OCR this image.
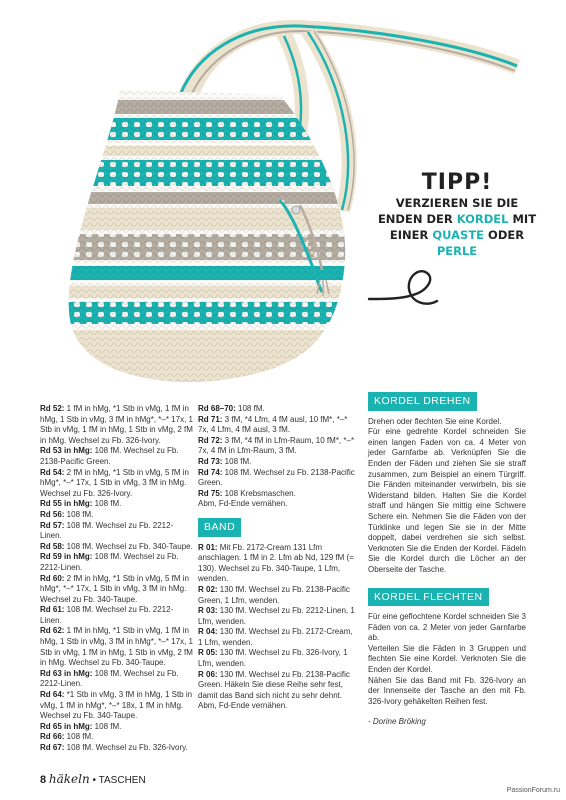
TIPP!
VERZIEREN SIE DIE
ENDEN DER KORDEL MIT
EINER QUASTE ODER
PERLE

Rd 52: 1 fM in hMg, *1 Stb in vMg, 1 fM in hMg, 1 Stb in vMg, 3 fM in hMg*, *–* 17x, 1 Stb in vMg, 1 fM in hMg, 1 Stb in vMg, 2 fM in hMg. Wechsel zu Fb. 326-Ivory.

Rd 53 in hMg: 108 fM. Wechsel zu Fb. 2138-Pacific Green.

Rd 54: 2 fM in hMg, *1 Stb in vMg, 5 fM in hMg*, *–* 17x, 1 Stb in vMg, 3 fM in hMg. Wechsel zu Fb. 326-Ivory.

Rd 55 in hMg: 108 fM.

Rd 56: 108 fM.

Rd 57: 108 fM. Wechsel zu Fb. 2212-Linen.

Rd 58: 108 fM. Wechsel zu Fb. 340-Taupe.

Rd 59 in hMg: 108 fM. Wechsel zu Fb. 2212-Linen.

Rd 60: 2 fM in hMg, *1 Stb in vMg, 5 fM in hMg*, *–* 17x, 1 Stb in vMg, 3 fM in hMg. Wechsel zu Fb. 340-Taupe.

Rd 61: 108 fM. Wechsel zu Fb. 2212-Linen.

Rd 62: 1 fM in hMg, *1 Stb in vMg, 1 fM in hMg, 1 Stb in vMg, 3 fM in hMg*, *–* 17x, 1 Stb in vMg, 1 fM in hMg, 1 Stb in vMg, 2 fM in hMg. Wechsel zu Fb. 340-Taupe.

Rd 63 in hMg: 108 fM. Wechsel zu Fb. 2212-Linen.

Rd 64: *1 Stb in vMg, 3 fM in hMg, 1 Stb in vMg, 1 fM in hMg*, *–* 18x, 1 fM in hMg. Wechsel zu Fb. 340-Taupe.

Rd 65 in hMg: 108 fM.

Rd 66: 108 fM.

Rd 67: 108 fM. Wechsel zu Fb. 326-Ivory.

Rd 68–70: 108 fM.

Rd 71: 3 fM, *4 Lfm, 4 fM ausl, 10 fM*, *–* 7x, 4 Lfm, 4 fM ausl, 3 fM.

Rd 72: 3 fM, *4 fM in Lfm-Raum, 10 fM*, *–* 7x, 4 fM in Lfm-Raum, 3 fM.

Rd 73: 108 fM.

Rd 74: 108 fM. Wechsel zu Fb. 2138-Pacific Green.

Rd 75: 108 Krebsmaschen.

Abm, Fd-Ende vernähen.

BAND

R 01: Mit Fb. 2172-Cream 131 Lfm anschlagen. 1 fM in 2. Lfm ab Nd, 129 fM (= 130). Wechsel zu Fb. 340-Taupe, 1 Lfm, wenden.

R 02: 130 fM. Wechsel zu Fb. 2138-Pacific Green, 1 Lfm, wenden.

R 03: 130 fM. Wechsel zu Fb. 2212-Linen, 1 Lfm, wenden.

R 04: 130 fM. Wechsel zu Fb. 2172-Cream, 1 Lfm, wenden.

R 05: 130 fM. Wechsel zu Fb. 326-Ivory, 1 Lfm, wenden.

R 06: 130 fM. Wechsel zu Fb. 2138-Pacific Green. Häkeln Sie diese Reihe sehr fest, damit das Band sich nicht zu sehr dehnt.

Abm, Fd-Ende vernähen.

KORDEL DREHEN

Drehen oder flechten Sie eine Kordel.

Für eine gedrehte Kordel schneiden Sie einen langen Faden von ca. 4 Meter von jeder Garnfarbe ab. Verknüpfen Sie die Enden der Fäden und ziehen Sie sie straff zusammen, zum Beispiel an einem Türgriff. Die Fänden miteinander verwirbeln, bis sie Widerstand bilden. Halten Sie die Kordel straff und hängen Sie mittig eine Schwere Schere ein. Nehmen Sie die Fäden von der Türklinke und legen Sie sie in der Mitte doppelt, dabei verdrehen sie sich selbst. Verknoten Sie die Enden der Kordel. Fädeln Sie die Kordel durch die Löcher an der Oberseite der Tasche.

KORDEL FLECHTEN

Für eine geflochtene Kordel schneiden Sie 3 Fäden von ca. 2 Meter von jeder Garnfarbe ab.

Verteilen Sie die Fäden in 3 Gruppen und flechten Sie eine Kordel. Verknoten Sie die Enden der Kordel.

Nähen Sie das Band mit Fb. 326-Ivory an der Innenseite der Tasche an den mit Fb. 326-Ivory gehäkelten Reihen fest.

- Dorine Bröking

8 häkeln • TASCHEN
PassionForum.ru
